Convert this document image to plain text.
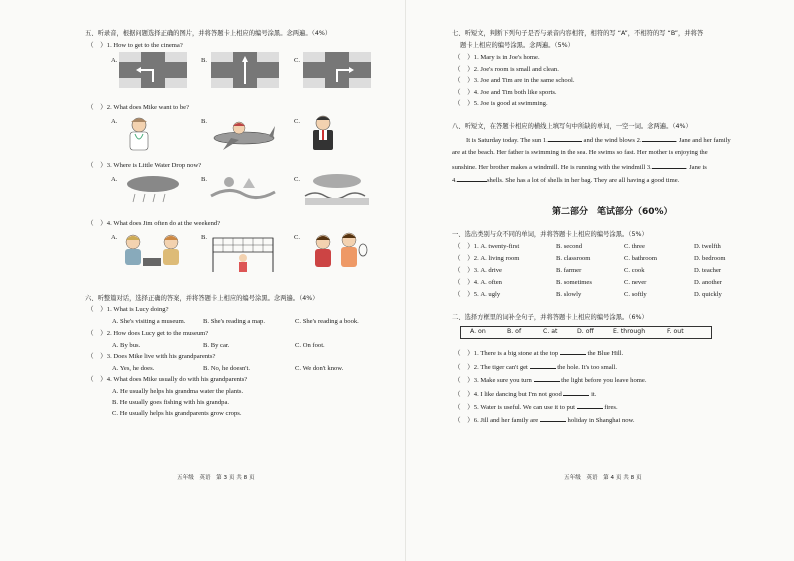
五、听录音，根据问题选择正确的图片，并将答题卡上相应的编号涂黑。念两遍。（4%）
（　）1. How to get to the cinema?
A.	B.	C.
（　）2. What does Mike want to be?
A.	B.	C.
（　）3. Where is Little Water Drop now?
A.	B.	C.
（　）4. What does Jim often do at the weekend?
A.	B.	C.
六、听整篇对话，选择正确的答案，并将答题卡上相应的编号涂黑。念两遍。（4%）
（　）1. What is Lucy doing?
A. She's visiting a museum.	B. She's reading a map.	C. She's reading a book.
（　）2. How does Lucy get to the museum?
A. By bus.	B. By car.	C. On foot.
（　）3. Does Mike live with his grandparents?
A. Yes, he does.	B. No, he doesn't.	C. We don't know.
（　）4. What does Mike usually do with his grandparents?
A. He usually helps his grandma water the plants.
B. He usually goes fishing with his grandpa.
C. He usually helps his grandparents grow crops.
五年级　英语　第 3 页 共 8 页
七、听短文，判断下列句子是否与录音内容相符，相符的写 “A”，不相符的写 “B”，并将答
题卡上相应的编号涂黑。念两遍。（5%）
（　）1. Mary is in Joe's home.
（　）2. Joe's room is small and clean.
（　）3. Joe and Tim are in the same school.
（　）4. Joe and Tim both like sports.
（　）5. Joe is good at swimming.
八、听短文，在答题卡相应的横线上填写句中所缺的单词，一空一词。念两遍。（4%）
It is Saturday today. The sun 1.	and the wind blows 2.	. Jane and her family
are at the beach. Her father is swimming in the sea. He swims so fast. Her mother is enjoying the
sunshine. Her brother makes a windmill. He is running with the windmill 3.	. Jane is
4.	shells. She has a lot of shells in her bag. They are all having a good time.
第二部分　笔试部分（60%）
一、选出类别与众不同的单词，并将答题卡上相应的编号涂黑。（5%）
（　）1. A. twenty-first	B. second	C. three	D. twelfth
（　）2. A. living room	B. classroom	C. bathroom	D. bedroom
（　）3. A. drive	B. farmer	C. cook	D. teacher
（　）4. A. often	B. sometimes	C. never	D. another
（　）5. A. ugly	B. slowly	C. softly	D. quickly
二、选择方框里的词补全句子，并将答题卡上相应的编号涂黑。（6%）
A. on	B. of	C. at	D. off	E. through	F. out
（　）1. There is a big stone at the top	the Blue Hill.
（　）2. The tiger can't get	the hole. It's too small.
（　）3. Make sure you turn	the light before you leave home.
（　）4. I like dancing but I'm not good	it.
（　）5. Water is useful. We can use it to put	fires.
（　）6. Jill and her family are	holiday in Shanghai now.
五年级　英语　第 4 页 共 8 页
